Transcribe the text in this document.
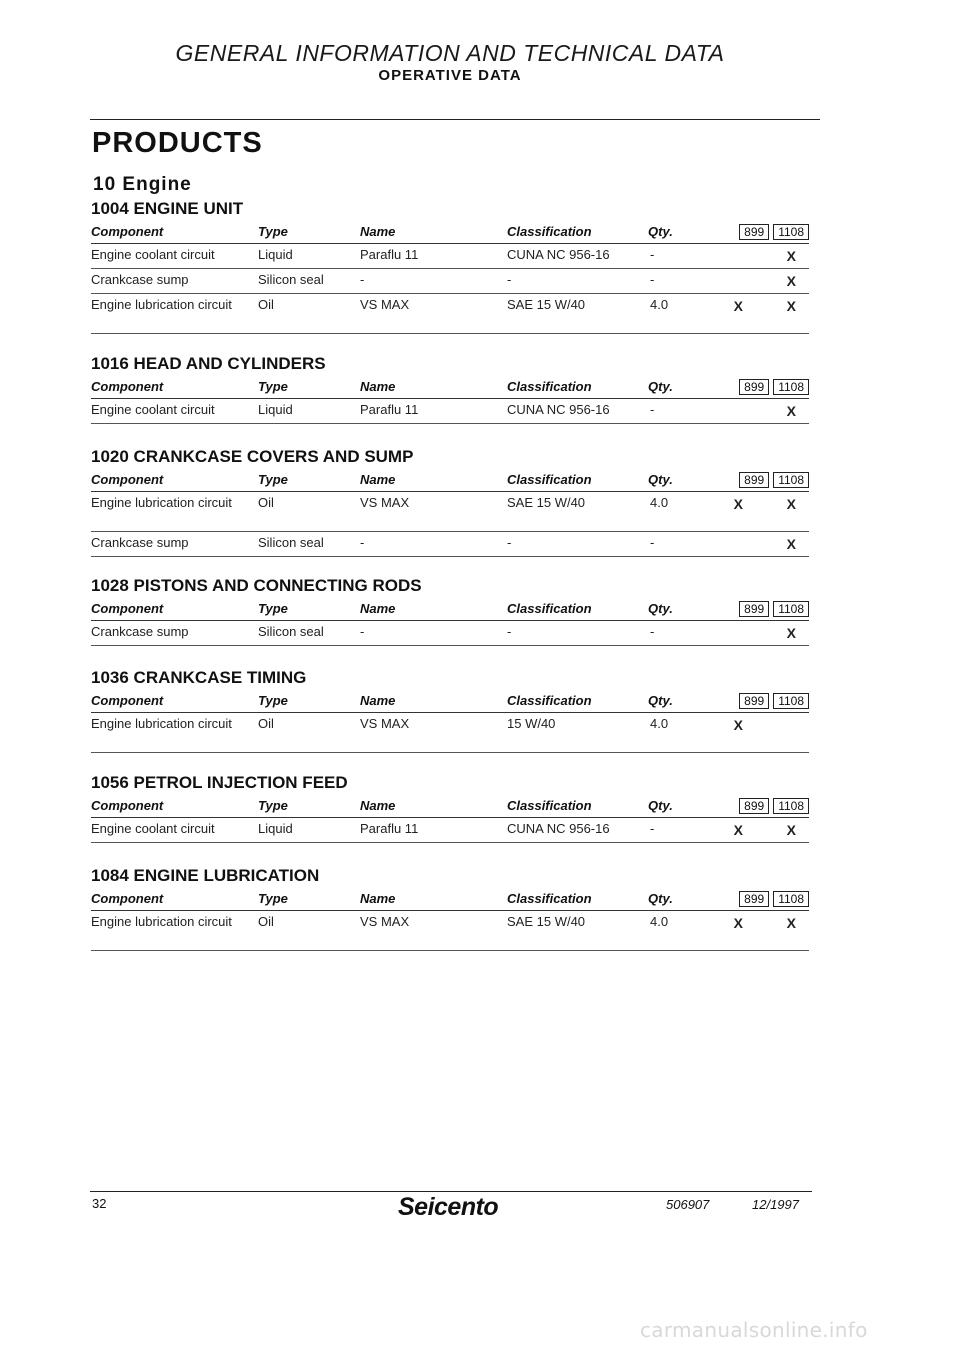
GENERAL INFORMATION AND TECHNICAL DATA
OPERATIVE DATA
PRODUCTS
10 Engine
1004 ENGINE UNIT
Component	Type	Name	Classification	Qty.	899 1108	
Engine coolant circuit	Liquid	Paraflu 11	CUNA NC 956-16	-		X
Crankcase sump	Silicon seal	-	-	-		X
Engine lubrication circuit	Oil	VS MAX	SAE 15 W/40	4.0	X	X
1016 HEAD AND CYLINDERS
Component	Type	Name	Classification	Qty.	899 1108	
Engine coolant circuit	Liquid	Paraflu 11	CUNA NC 956-16	-		X
1020 CRANKCASE COVERS AND SUMP
Component	Type	Name	Classification	Qty.	899 1108	
Engine lubrication circuit	Oil	VS MAX	SAE 15 W/40	4.0	X	X
Crankcase sump	Silicon seal	-	-	-		X
1028 PISTONS AND CONNECTING RODS
Component	Type	Name	Classification	Qty.	899 1108	
Crankcase sump	Silicon seal	-	-	-		X
1036 CRANKCASE TIMING
Component	Type	Name	Classification	Qty.	899 1108	
Engine lubrication circuit	Oil	VS MAX	15 W/40	4.0	X	
1056 PETROL INJECTION FEED
Component	Type	Name	Classification	Qty.	899 1108	
Engine coolant circuit	Liquid	Paraflu 11	CUNA NC 956-16	-	X	X
1084 ENGINE LUBRICATION
Component	Type	Name	Classification	Qty.	899 1108	
Engine lubrication circuit	Oil	VS MAX	SAE 15 W/40	4.0	X	X
32	Seicento	506907	12/1997
carmanualsonline.info
